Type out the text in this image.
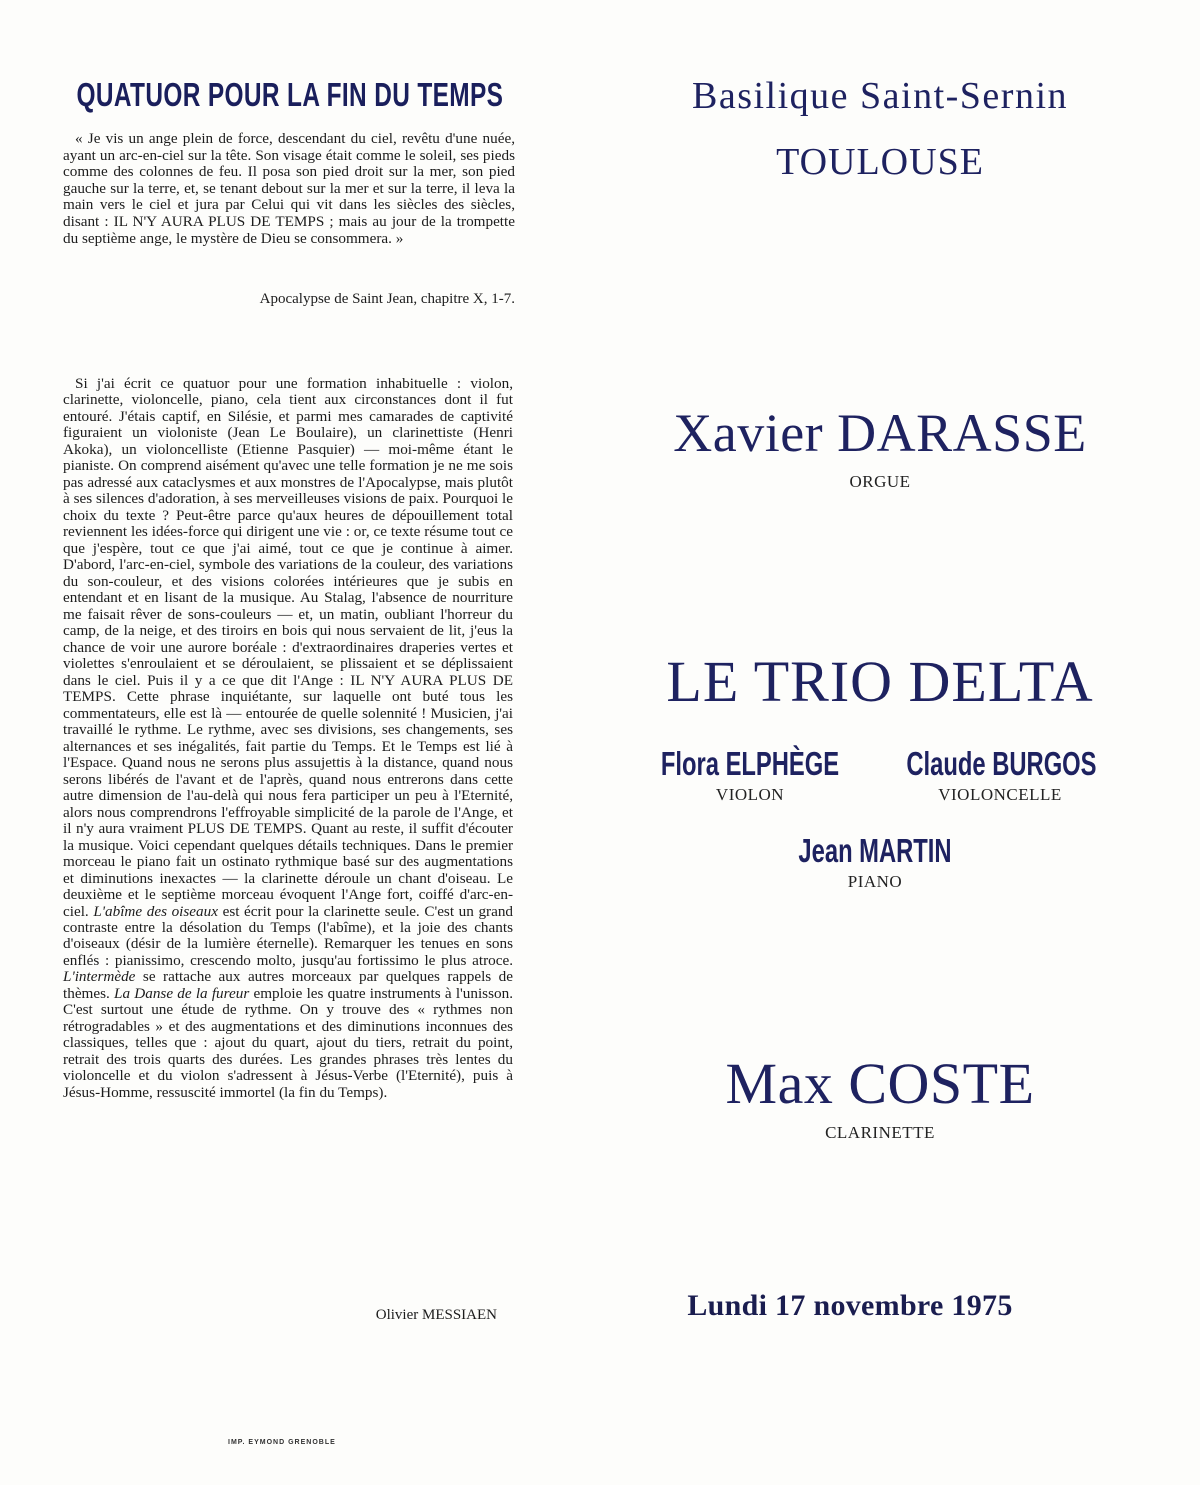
QUATUOR POUR LA FIN DU TEMPS
« Je vis un ange plein de force, descendant du ciel, revêtu d'une nuée, ayant un arc-en-ciel sur la tête. Son visage était comme le soleil, ses pieds comme des colonnes de feu. Il posa son pied droit sur la mer, son pied gauche sur la terre, et, se tenant debout sur la mer et sur la terre, il leva la main vers le ciel et jura par Celui qui vit dans les siècles des siècles, disant : IL N'Y AURA PLUS DE TEMPS ; mais au jour de la trompette du septième ange, le mystère de Dieu se consommera. »
Apocalypse de Saint Jean, chapitre X, 1-7.
Si j'ai écrit ce quatuor pour une formation inhabituelle : violon, clarinette, violoncelle, piano, cela tient aux circonstances dont il fut entouré. J'étais captif, en Silésie, et parmi mes camarades de captivité figuraient un violoniste (Jean Le Boulaire), un clarinettiste (Henri Akoka), un violoncelliste (Etienne Pasquier) — moi-même étant le pianiste. On comprend aisément qu'avec une telle formation je ne me sois pas adressé aux cataclysmes et aux monstres de l'Apocalypse, mais plutôt à ses silences d'adoration, à ses merveilleuses visions de paix. Pourquoi le choix du texte ? Peut-être parce qu'aux heures de dépouillement total reviennent les idées-force qui dirigent une vie : or, ce texte résume tout ce que j'espère, tout ce que j'ai aimé, tout ce que je continue à aimer. D'abord, l'arc-en-ciel, symbole des variations de la couleur, des variations du son-couleur, et des visions colorées intérieures que je subis en entendant et en lisant de la musique. Au Stalag, l'absence de nourriture me faisait rêver de sons-couleurs — et, un matin, oubliant l'horreur du camp, de la neige, et des tiroirs en bois qui nous servaient de lit, j'eus la chance de voir une aurore boréale : d'extraordinaires draperies vertes et violettes s'enroulaient et se déroulaient, se plissaient et se déplissaient dans le ciel. Puis il y a ce que dit l'Ange : IL N'Y AURA PLUS DE TEMPS. Cette phrase inquiétante, sur laquelle ont buté tous les commentateurs, elle est là — entourée de quelle solennité ! Musicien, j'ai travaillé le rythme. Le rythme, avec ses divisions, ses changements, ses alternances et ses inégalités, fait partie du Temps. Et le Temps est lié à l'Espace. Quand nous ne serons plus assujettis à la distance, quand nous serons libérés de l'avant et de l'après, quand nous entrerons dans cette autre dimension de l'au-delà qui nous fera participer un peu à l'Eternité, alors nous comprendrons l'effroyable simplicité de la parole de l'Ange, et il n'y aura vraiment PLUS DE TEMPS. Quant au reste, il suffit d'écouter la musique. Voici cependant quelques détails techniques. Dans le premier morceau le piano fait un ostinato rythmique basé sur des augmentations et diminutions inexactes — la clarinette déroule un chant d'oiseau. Le deuxième et le septième morceau évoquent l'Ange fort, coiffé d'arc-en-ciel. L'abîme des oiseaux est écrit pour la clarinette seule. C'est un grand contraste entre la désolation du Temps (l'abîme), et la joie des chants d'oiseaux (désir de la lumière éternelle). Remarquer les tenues en sons enflés : pianissimo, crescendo molto, jusqu'au fortissimo le plus atroce. L'intermède se rattache aux autres morceaux par quelques rappels de thèmes. La Danse de la fureur emploie les quatre instruments à l'unisson. C'est surtout une étude de rythme. On y trouve des « rythmes non rétrogradables » et des augmentations et des diminutions inconnues des classiques, telles que : ajout du quart, ajout du tiers, retrait du point, retrait des trois quarts des durées. Les grandes phrases très lentes du violoncelle et du violon s'adressent à Jésus-Verbe (l'Eternité), puis à Jésus-Homme, ressuscité immortel (la fin du Temps).
Olivier MESSIAEN
IMP. EYMOND GRENOBLE
Basilique Saint-Sernin
TOULOUSE
Xavier DARASSE
ORGUE
LE TRIO DELTA
Flora ELPHÈGE
VIOLON
Claude BURGOS
VIOLONCELLE
Jean MARTIN
PIANO
Max COSTE
CLARINETTE
Lundi 17 novembre 1975
